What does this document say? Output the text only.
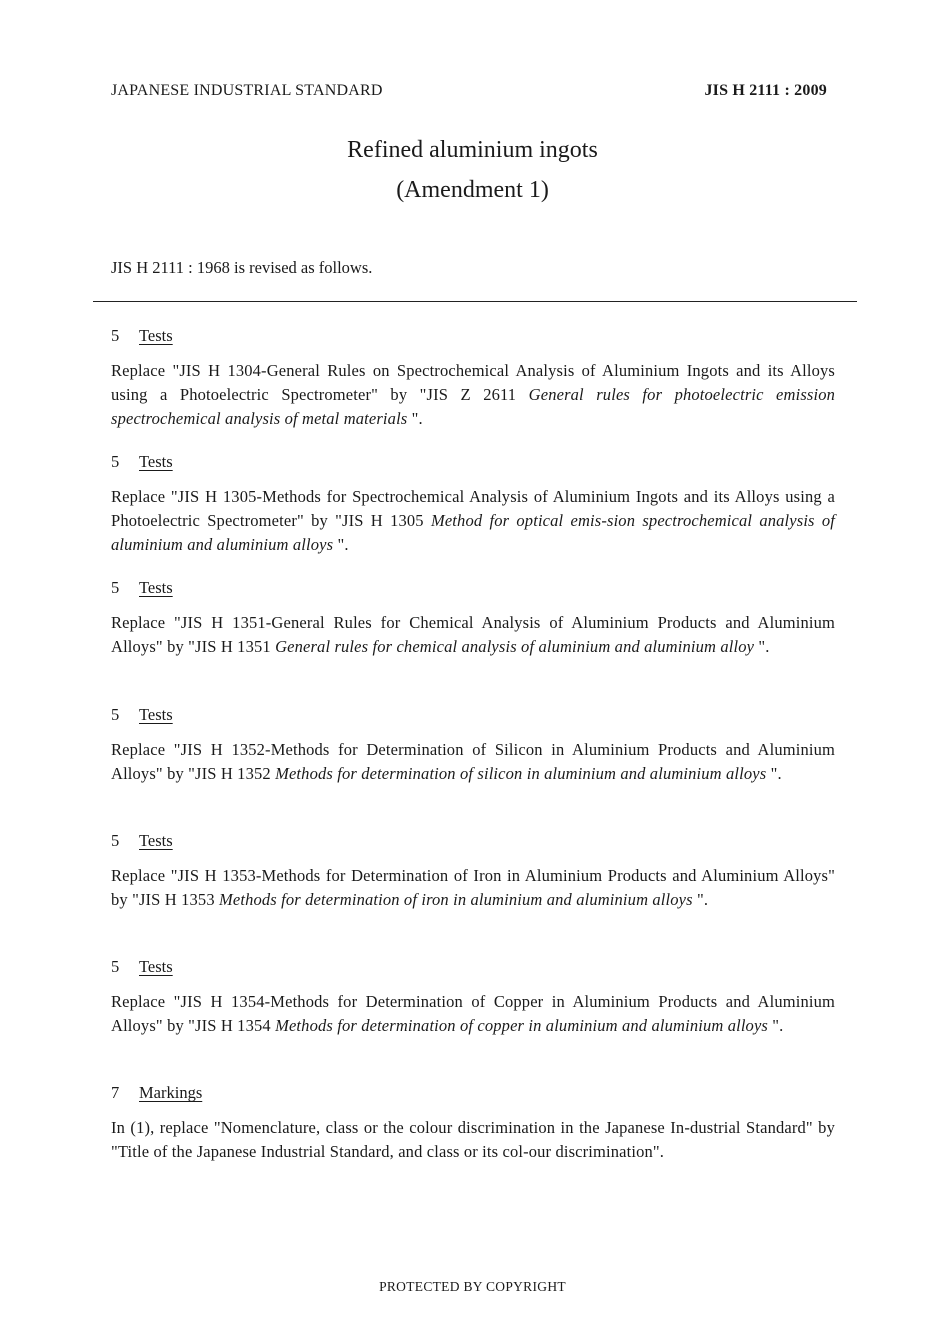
JAPANESE INDUSTRIAL STANDARD	JIS H 2111 : 2009
Refined aluminium ingots
(Amendment 1)
JIS H 2111 : 1968 is revised as follows.
5 Tests
Replace "JIS H 1304-General Rules on Spectrochemical Analysis of Aluminium Ingots and its Alloys using a Photoelectric Spectrometer" by "JIS Z 2611 General rules for photoelectric emission spectrochemical analysis of metal materials ".
5 Tests
Replace "JIS H 1305-Methods for Spectrochemical Analysis of Aluminium Ingots and its Alloys using a Photoelectric Spectrometer" by "JIS H 1305 Method for optical emis-sion spectrochemical analysis of aluminium and aluminium alloys ".
5 Tests
Replace "JIS H 1351-General Rules for Chemical Analysis of Aluminium Products and Aluminium Alloys" by "JIS H 1351 General rules for chemical analysis of aluminium and aluminium alloy ".
5 Tests
Replace "JIS H 1352-Methods for Determination of Silicon in Aluminium Products and Aluminium Alloys" by "JIS H 1352 Methods for determination of silicon in aluminium and aluminium alloys ".
5 Tests
Replace "JIS H 1353-Methods for Determination of Iron in Aluminium Products and Aluminium Alloys" by "JIS H 1353 Methods for determination of iron in aluminium and aluminium alloys ".
5 Tests
Replace "JIS H 1354-Methods for Determination of Copper in Aluminium Products and Aluminium Alloys" by "JIS H 1354 Methods for determination of copper in aluminium and aluminium alloys ".
7 Markings
In (1), replace "Nomenclature, class or the colour discrimination in the Japanese In-dustrial Standard" by "Title of the Japanese Industrial Standard, and class or its col-our discrimination".
PROTECTED BY COPYRIGHT
